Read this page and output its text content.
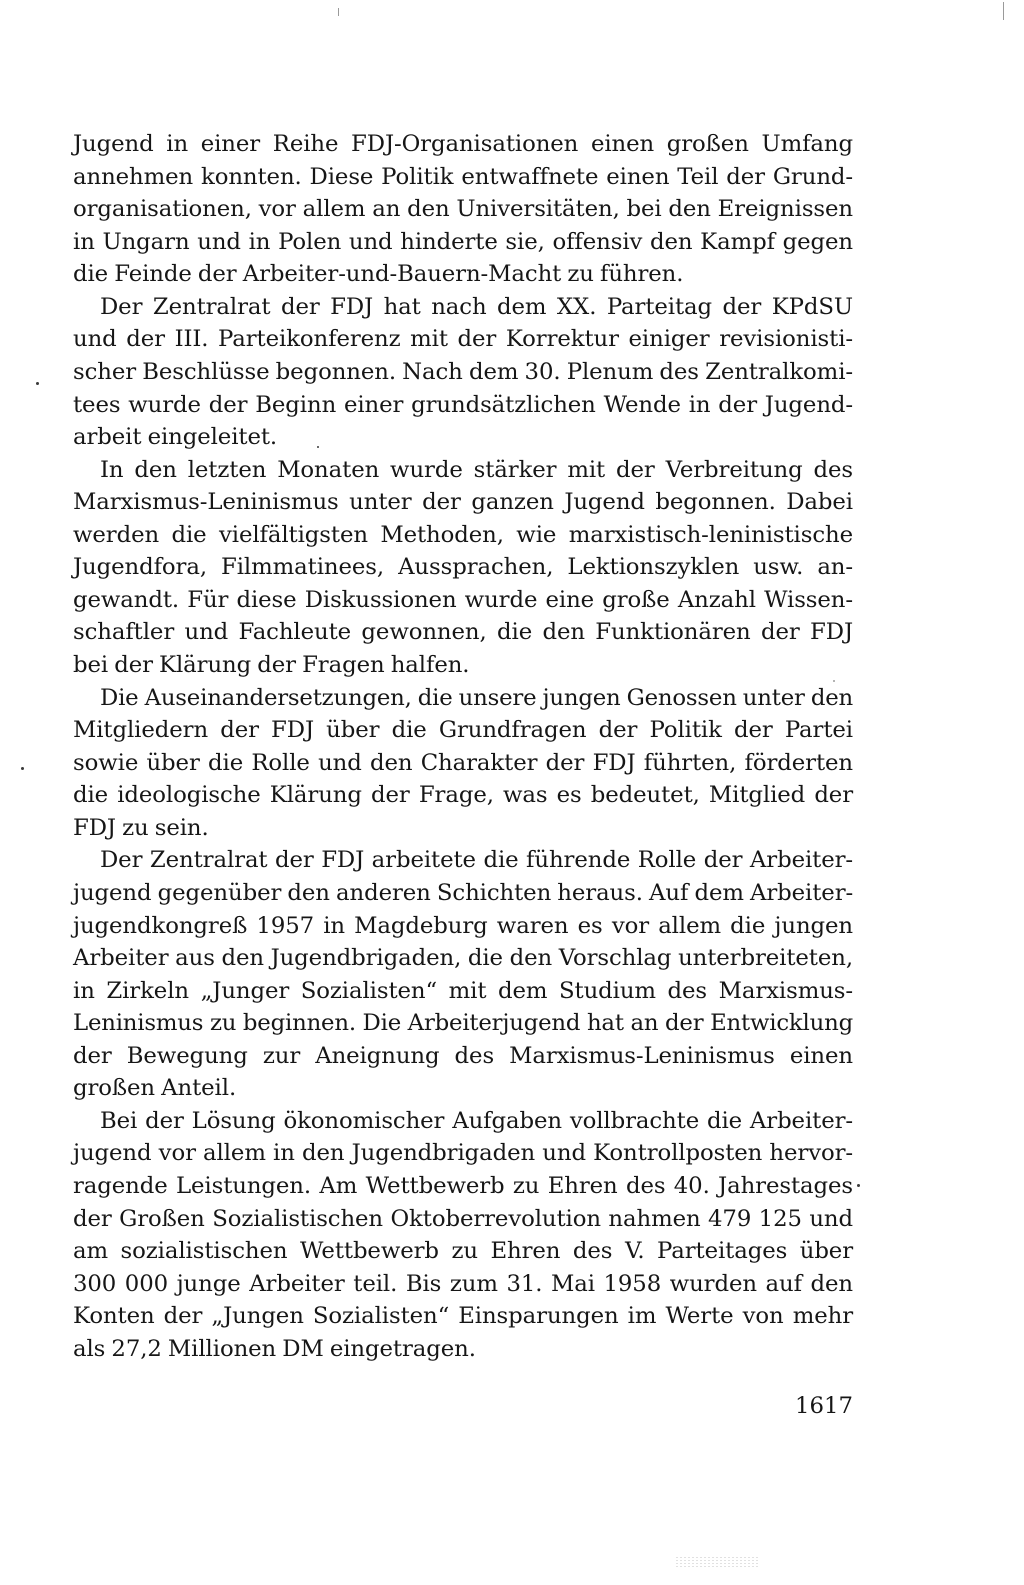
Jugend in einer Reihe FDJ-Organisationen einen großen Umfang
annehmen konnten. Diese Politik entwaffnete einen Teil der Grund-
organisationen, vor allem an den Universitäten, bei den Ereignissen
in Ungarn und in Polen und hinderte sie, offensiv den Kampf gegen
die Feinde der Arbeiter-und-Bauern-Macht zu führen.
Der Zentralrat der FDJ hat nach dem XX. Parteitag der KPdSU
und der III. Parteikonferenz mit der Korrektur einiger revisionisti-
scher Beschlüsse begonnen. Nach dem 30. Plenum des Zentralkomi-
tees wurde der Beginn einer grundsätzlichen Wende in der Jugend-
arbeit eingeleitet.
In den letzten Monaten wurde stärker mit der Verbreitung des
Marxismus-Leninismus unter der ganzen Jugend begonnen. Dabei
werden die vielfältigsten Methoden, wie marxistisch-leninistische
Jugendfora, Filmmatinees, Aussprachen, Lektionszyklen usw. an-
gewandt. Für diese Diskussionen wurde eine große Anzahl Wissen-
schaftler und Fachleute gewonnen, die den Funktionären der FDJ
bei der Klärung der Fragen halfen.
Die Auseinandersetzungen, die unsere jungen Genossen unter den
Mitgliedern der FDJ über die Grundfragen der Politik der Partei
sowie über die Rolle und den Charakter der FDJ führten, förderten
die ideologische Klärung der Frage, was es bedeutet, Mitglied der
FDJ zu sein.
Der Zentralrat der FDJ arbeitete die führende Rolle der Arbeiter-
jugend gegenüber den anderen Schichten heraus. Auf dem Arbeiter-
jugendkongreß 1957 in Magdeburg waren es vor allem die jungen
Arbeiter aus den Jugendbrigaden, die den Vorschlag unterbreiteten,
in Zirkeln „Junger Sozialisten“ mit dem Studium des Marxismus-
Leninismus zu beginnen. Die Arbeiterjugend hat an der Entwicklung
der Bewegung zur Aneignung des Marxismus-Leninismus einen
großen Anteil.
Bei der Lösung ökonomischer Aufgaben vollbrachte die Arbeiter-
jugend vor allem in den Jugendbrigaden und Kontrollposten hervor-
ragende Leistungen. Am Wettbewerb zu Ehren des 40. Jahrestages
der Großen Sozialistischen Oktoberrevolution nahmen 479 125 und
am sozialistischen Wettbewerb zu Ehren des V. Parteitages über
300 000 junge Arbeiter teil. Bis zum 31. Mai 1958 wurden auf den
Konten der „Jungen Sozialisten“ Einsparungen im Werte von mehr
als 27,2 Millionen DM eingetragen.
1617
